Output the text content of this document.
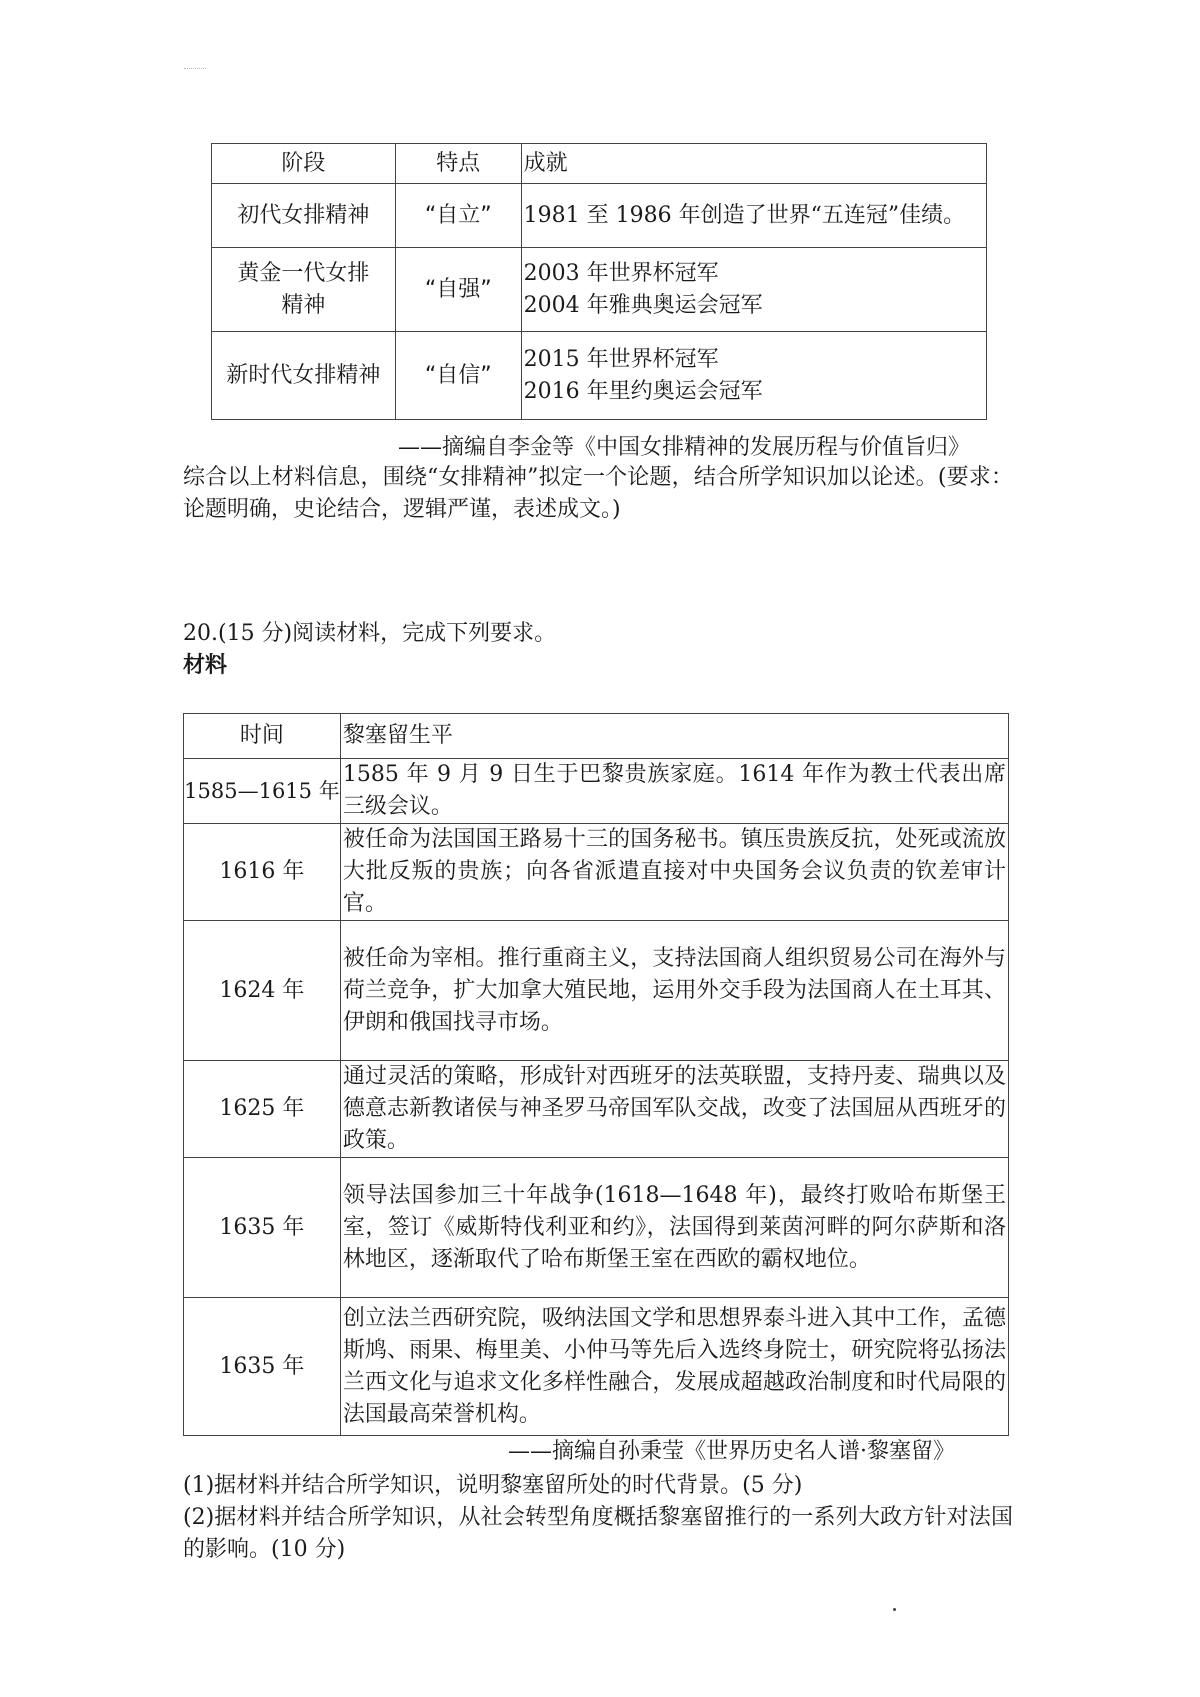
阶段	特点	成就
初代女排精神	“自立”	1981 至 1986 年创造了世界“五连冠”佳绩。
黄金一代女排精神	“自强”	2003 年世界杯冠军
2004 年雅典奥运会冠军

新时代女排精神	“自信”	2015 年世界杯冠军
2016 年里约奥运会冠军
——摘编自李金等《中国女排精神的发展历程与价值旨归》
综合以上材料信息，围绕“女排精神”拟定一个论题，结合所学知识加以论述。(要求：论题明确，史论结合，逻辑严谨，表述成文。)
20.(15 分)阅读材料，完成下列要求。
材料
时间	黎塞留生平
1585—1615 年	1585 年 9 月 9 日生于巴黎贵族家庭。1614 年作为教士代表出席三级会议。
1616 年	被任命为法国国王路易十三的国务秘书。镇压贵族反抗，处死或流放大批反叛的贵族；向各省派遣直接对中央国务会议负责的钦差审计官。
1624 年	被任命为宰相。推行重商主义，支持法国商人组织贸易公司在海外与荷兰竞争，扩大加拿大殖民地，运用外交手段为法国商人在土耳其、伊朗和俄国找寻市场。
1625 年	通过灵活的策略，形成针对西班牙的法英联盟，支持丹麦、瑞典以及德意志新教诸侯与神圣罗马帝国军队交战，改变了法国屈从西班牙的政策。
1635 年	领导法国参加三十年战争(1618—1648 年)，最终打败哈布斯堡王室，签订《威斯特伐利亚和约》，法国得到莱茵河畔的阿尔萨斯和洛林地区，逐渐取代了哈布斯堡王室在西欧的霸权地位。
1635 年	创立法兰西研究院，吸纳法国文学和思想界泰斗进入其中工作，孟德斯鸠、雨果、梅里美、小仲马等先后入选终身院士，研究院将弘扬法兰西文化与追求文化多样性融合，发展成超越政治制度和时代局限的法国最高荣誉机构。
——摘编自孙秉莹《世界历史名人谱·黎塞留》
(1)据材料并结合所学知识，说明黎塞留所处的时代背景。(5 分)
(2)据材料并结合所学知识，从社会转型角度概括黎塞留推行的一系列大政方针对法国的影响。(10 分)
